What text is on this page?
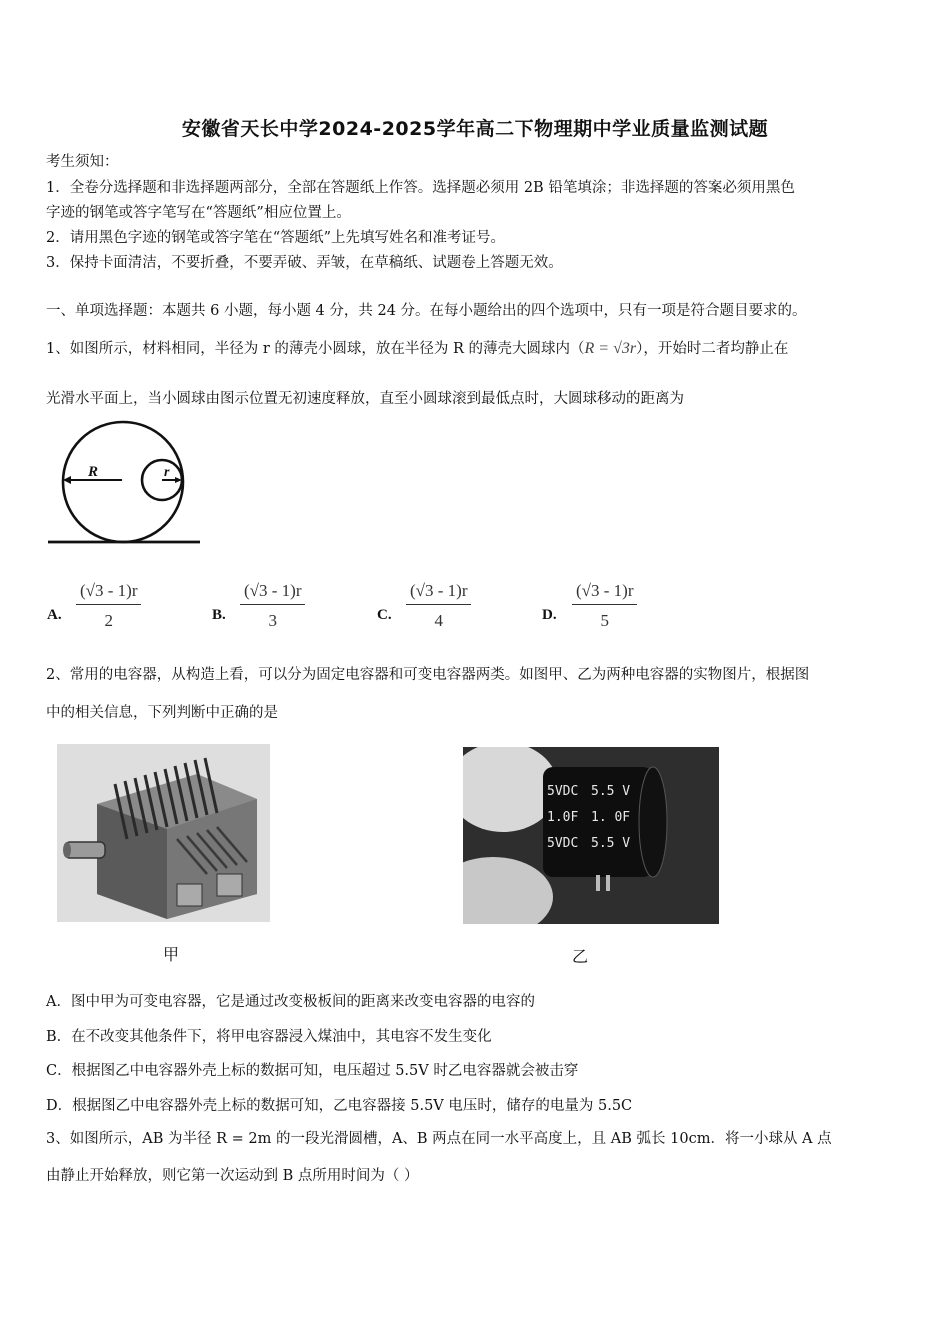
安徽省天长中学2024-2025学年高二下物理期中学业质量监测试题
考生须知：
1．全卷分选择题和非选择题两部分，全部在答题纸上作答。选择题必须用 2B 铅笔填涂；非选择题的答案必须用黑色
字迹的钢笔或答字笔写在“答题纸”相应位置上。
2．请用黑色字迹的钢笔或答字笔在“答题纸”上先填写姓名和准考证号。
3．保持卡面清洁，不要折叠，不要弄破、弄皱，在草稿纸、试题卷上答题无效。
一、单项选择题：本题共 6 小题，每小题 4 分，共 24 分。在每小题给出的四个选项中，只有一项是符合题目要求的。
1、如图所示，材料相同，半径为 r 的薄壳小圆球，放在半径为 R 的薄壳大圆球内（R = √3r），开始时二者均静止在
光滑水平面上，当小圆球由图示位置无初速度释放，直至小圆球滚到最低点时，大圆球移动的距离为
R	r
A. $\frac{(√3 - 1)r}{2}$	B. $\frac{(√3 - 1)r}{3}$	C. $\frac{(√3 - 1)r}{4}$	D. $\frac{(√3 - 1)r}{5}$
2、常用的电容器，从构造上看，可以分为固定电容器和可变电容器两类。如图甲、乙为两种电容器的实物图片，根据图
中的相关信息，下列判断中正确的是
甲
5VDC
1.0F
5VDC
5.5 V
1. 0F
5.5 V
乙
A．图中甲为可变电容器，它是通过改变极板间的距离来改变电容器的电容的
B．在不改变其他条件下，将甲电容器浸入煤油中，其电容不发生变化
C．根据图乙中电容器外壳上标的数据可知，电压超过 5.5V 时乙电容器就会被击穿
D．根据图乙中电容器外壳上标的数据可知，乙电容器接 5.5V 电压时，储存的电量为 5.5C
3、如图所示，AB 为半径 R = 2m 的一段光滑圆槽，A、B 两点在同一水平高度上，且 AB 弧长 10cm．将一小球从 A 点
由静止开始释放，则它第一次运动到 B 点所用时间为（ ）
